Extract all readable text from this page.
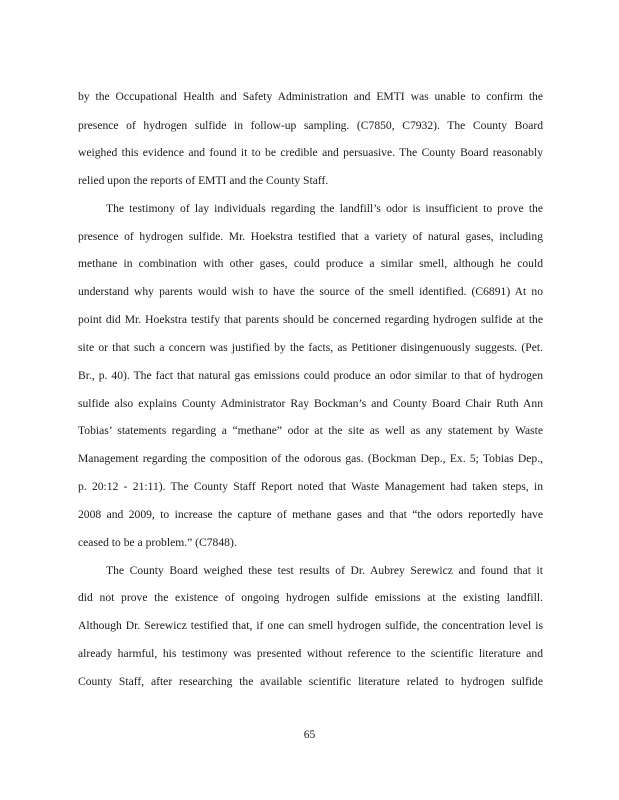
by the Occupational Health and Safety Administration and EMTI was unable to confirm the
presence of hydrogen sulfide in follow-up sampling. (C7850, C7932). The County Board
weighed this evidence and found it to be credible and persuasive. The County Board reasonably
relied upon the reports of EMTI and the County Staff.
The testimony of lay individuals regarding the landfill’s odor is insufficient to prove the
presence of hydrogen sulfide. Mr. Hoekstra testified that a variety of natural gases, including
methane in combination with other gases, could produce a similar smell, although he could
understand why parents would wish to have the source of the smell identified. (C6891) At no
point did Mr. Hoekstra testify that parents should be concerned regarding hydrogen sulfide at the
site or that such a concern was justified by the facts, as Petitioner disingenuously suggests. (Pet.
Br., p. 40). The fact that natural gas emissions could produce an odor similar to that of hydrogen
sulfide also explains County Administrator Ray Bockman’s and County Board Chair Ruth Ann
Tobias’ statements regarding a “methane” odor at the site as well as any statement by Waste
Management regarding the composition of the odorous gas. (Bockman Dep., Ex. 5; Tobias Dep.,
p. 20:12 - 21:11). The County Staff Report noted that Waste Management had taken steps, in
2008 and 2009, to increase the capture of methane gases and that “the odors reportedly have
ceased to be a problem.” (C7848).
The County Board weighed these test results of Dr. Aubrey Serewicz and found that it
did not prove the existence of ongoing hydrogen sulfide emissions at the existing landfill.
Although Dr. Serewicz testified that, if one can smell hydrogen sulfide, the concentration level is
already harmful, his testimony was presented without reference to the scientific literature and
County Staff, after researching the available scientific literature related to hydrogen sulfide
65
